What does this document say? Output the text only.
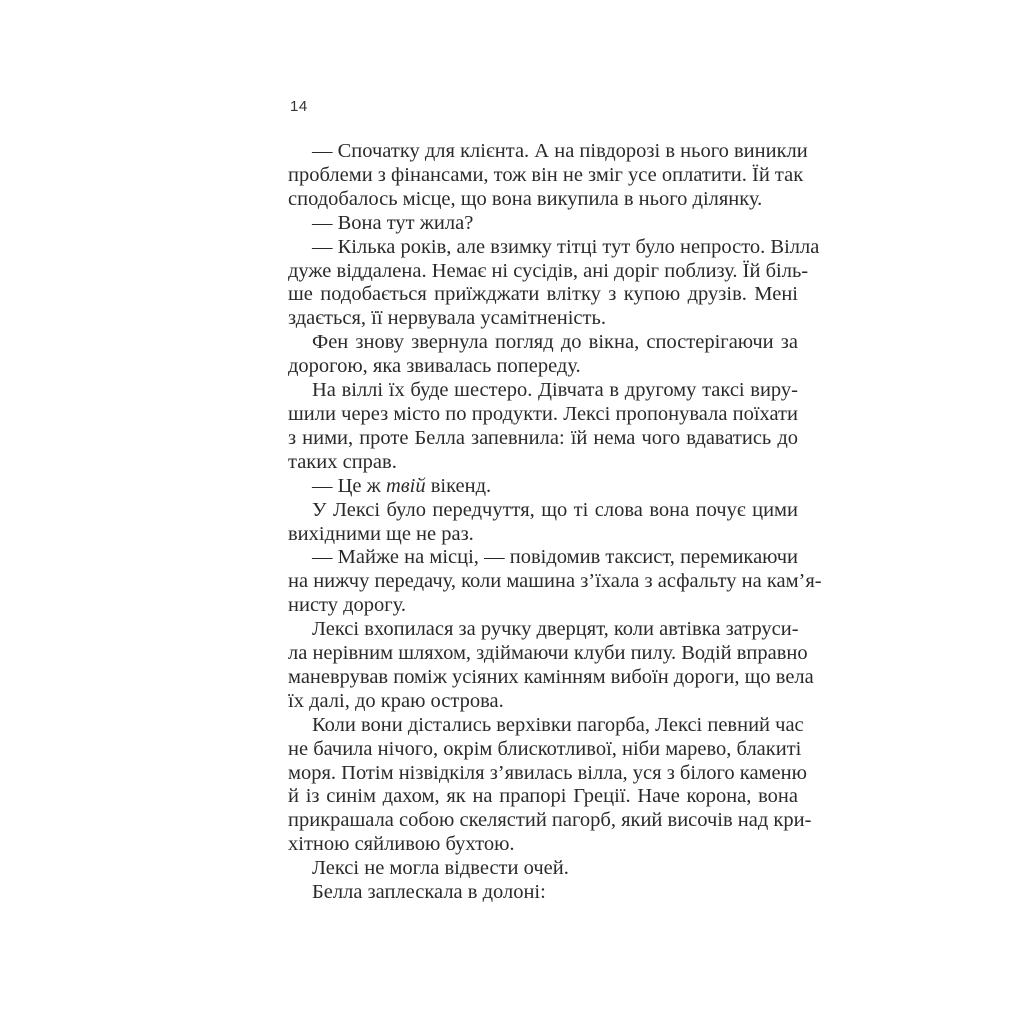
14
— Спочатку для клієнта. А на півдорозі в нього виникли
проблеми з фінансами, тож він не зміг усе оплатити. Їй так
сподобалось місце, що вона викупила в нього ділянку.
— Вона тут жила?
— Кілька років, але взимку тітці тут було непросто. Вілла
дуже віддалена. Немає ні сусідів, ані доріг поблизу. Їй біль-
ше подобається приїжджати влітку з купою друзів. Мені
здається, її нервувала усамітненість.
Фен знову звернула погляд до вікна, спостерігаючи за
дорогою, яка звивалась попереду.
На віллі їх буде шестеро. Дівчата в другому таксі виру-
шили через місто по продукти. Лексі пропонувала поїхати
з ними, проте Белла запевнила: їй нема чого вдаватись до
таких справ.
— Це ж твій вікенд.
У Лексі було передчуття, що ті слова вона почує цими
вихідними ще не раз.
— Майже на місці, — повідомив таксист, перемикаючи
на нижчу передачу, коли машина з’їхала з асфальту на кам’я-
нисту дорогу.
Лексі вхопилася за ручку дверцят, коли автівка затруси-
ла нерівним шляхом, здіймаючи клуби пилу. Водій вправно
маневрував поміж усіяних камінням вибоїн дороги, що вела
їх далі, до краю острова.
Коли вони дістались верхівки пагорба, Лексі певний час
не бачила нічого, окрім блискотливої, ніби марево, блакиті
моря. Потім нізвідкіля з’явилась вілла, уся з білого каменю
й із синім дахом, як на прапорі Греції. Наче корона, вона
прикрашала собою скелястий пагорб, який височів над кри-
хітною сяйливою бухтою.
Лексі не могла відвести очей.
Белла заплескала в долоні:
